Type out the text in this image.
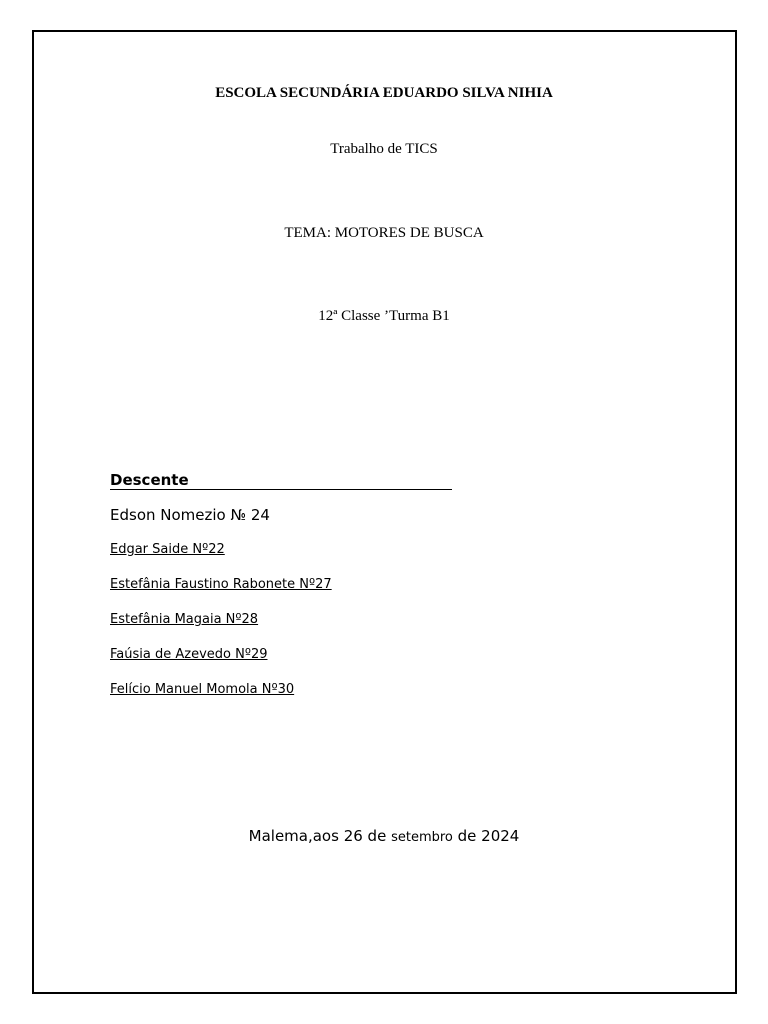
ESCOLA SECUNDÁRIA EDUARDO SILVA NIHIA
Trabalho de TICS
TEMA: MOTORES DE BUSCA
12ª Classe ’Turma B1
Descente
Edson Nomezio № 24
Edgar Saide Nº22
Estefânia Faustino Rabonete Nº27
Estefânia Magaia Nº28
Faúsia de Azevedo Nº29
Felício Manuel Momola Nº30
Malema,aos 26 de setembro de 2024
